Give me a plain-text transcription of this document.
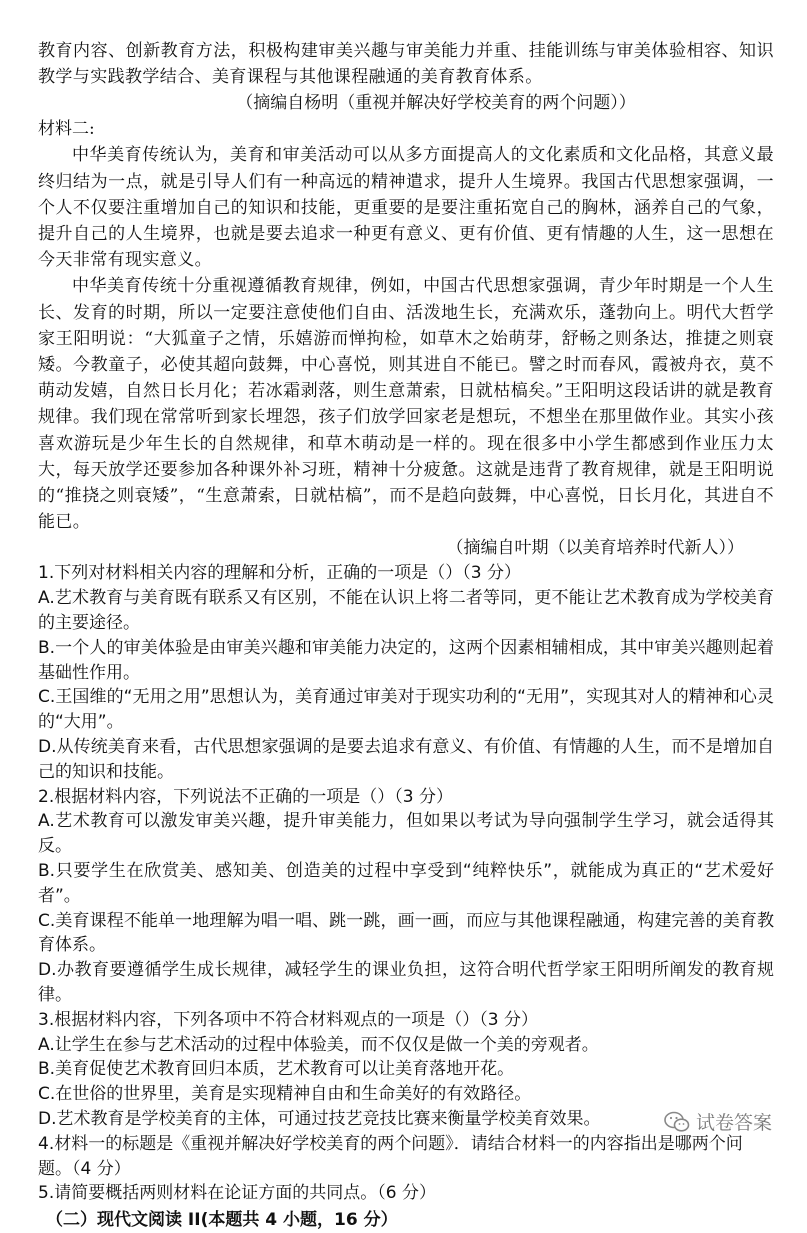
教育内容、创新教育方法，积极构建审美兴趣与审美能力并重、挂能训练与审美体验相容、知识教学与实践教学结合、美育课程与其他课程融通的美育教育体系。

（摘编自杨明（重视并解决好学校美育的两个问题））

材料二:

中华美育传统认为，美育和审美活动可以从多方面提高人的文化素质和文化品格，其意义最终归结为一点，就是引导人们有一种高远的精神遣求，提升人生境界。我国古代思想家强调，一个人不仅要注重增加自己的知识和技能，更重要的是要注重拓宽自己的胸林，涵养自己的气象，提升自己的人生境界，也就是要去追求一种更有意义、更有价值、更有情趣的人生，这一思想在今天非常有现实意义。

中华美育传统十分重视遵循教育规律，例如，中国古代思想家强调，青少年时期是一个人生长、发育的时期，所以一定要注意使他们自由、活泼地生长，充满欢乐，蓬勃向上。明代大哲学家王阳明说：“大狐童子之情，乐嬉游而惮拘检，如草木之始萌芽，舒畅之则条达，推捷之则衰矮。今教童子，必使其超向鼓舞，中心喜悦，则其进自不能已。譬之时而春风，霞被舟衣，莫不萌动发嬉，自然日长月化；若冰霜剥落，则生意萧索，日就枯槁矣。”王阳明这段话讲的就是教育规律。我们现在常常听到家长埋怨，孩子们放学回家老是想玩，不想坐在那里做作业。其实小孩喜欢游玩是少年生长的自然规律，和草木萌动是一样的。现在很多中小学生都感到作业压力太大，每天放学还要参加各种课外补习班，精神十分疲惫。这就是违背了教育规律，就是王阳明说的“推挠之则衰矮”，“生意萧索，日就枯槁”，而不是趋向鼓舞，中心喜悦，日长月化，其进自不能已。

（摘编自叶期（以美育培养时代新人））

1.下列对材料相关内容的理解和分析，正确的一项是（）（3 分）

A.艺术教育与美育既有联系又有区别，不能在认识上将二者等同，更不能让艺术教育成为学校美育的主要途径。

B.一个人的审美体验是由审美兴趣和审美能力决定的，这两个因素相辅相成，其中审美兴趣则起着基础性作用。

C.王国维的“无用之用”思想认为，美育通过审美对于现实功利的“无用”，实现其对人的精神和心灵的“大用”。

D.从传统美育来看，古代思想家强调的是要去追求有意义、有价值、有情趣的人生，而不是增加自己的知识和技能。

2.根据材料内容，下列说法不正确的一项是（）（3 分）

A.艺术教育可以激发审美兴趣，提升审美能力，但如果以考试为导向强制学生学习，就会适得其反。

B.只要学生在欣赏美、感知美、创造美的过程中享受到“纯粹快乐”，就能成为真正的“艺术爱好者”。

C.美育课程不能单一地理解为唱一唱、跳一跳，画一画，而应与其他课程融通，构建完善的美育教育体系。

D.办教育要遵循学生成长规律，减轻学生的课业负担，这符合明代哲学家王阳明所阐发的教育规律。

3.根据材料内容，下列各项中不符合材料观点的一项是（）（3 分）

A.让学生在参与艺术活动的过程中体验美，而不仅仅是做一个美的旁观者。

B.美育促使艺术教育回归本质，艺术教育可以让美育落地开花。

C.在世俗的世界里，美育是实现精神自由和生命美好的有效路径。

D.艺术教育是学校美育的主体，可通过技艺竞技比赛来衡量学校美育效果。

4.材料一的标题是《重视并解决好学校美育的两个问题》．请结合材料一的内容指出是哪两个问题。（4 分）

5.请简要概括两则材料在论证方面的共同点。（6 分）

（二）现代文阅读 II(本题共 4 小题，16 分）

试卷答案
